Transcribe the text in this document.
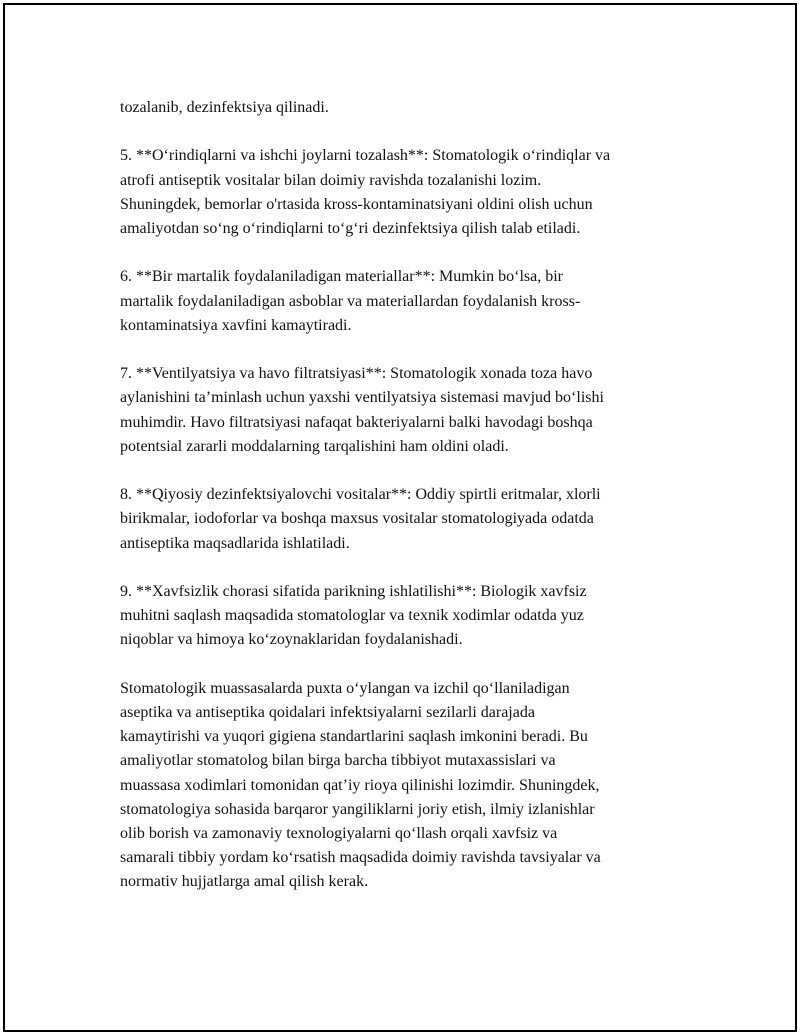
tozalanib, dezinfektsiya qilinadi.

5. **O‘rindiqlarni va ishchi joylarni tozalash**: Stomatologik o‘rindiqlar va
atrofi antiseptik vositalar bilan doimiy ravishda tozalanishi lozim.
Shuningdek, bemorlar o'rtasida kross-kontaminatsiyani oldini olish uchun
amaliyotdan so‘ng o‘rindiqlarni to‘g‘ri dezinfektsiya qilish talab etiladi.

6. **Bir martalik foydalaniladigan materiallar**: Mumkin bo‘lsa, bir
martalik foydalaniladigan asboblar va materiallardan foydalanish kross-
kontaminatsiya xavfini kamaytiradi.

7. **Ventilyatsiya va havo filtratsiyasi**: Stomatologik xonada toza havo
aylanishini ta’minlash uchun yaxshi ventilyatsiya sistemasi mavjud bo‘lishi
muhimdir. Havo filtratsiyasi nafaqat bakteriyalarni balki havodagi boshqa
potentsial zararli moddalarning tarqalishini ham oldini oladi.

8. **Qiyosiy dezinfektsiyalovchi vositalar**: Oddiy spirtli eritmalar, xlorli
birikmalar, iodoforlar va boshqa maxsus vositalar stomatologiyada odatda
antiseptika maqsadlarida ishlatiladi.

9. **Xavfsizlik chorasi sifatida parikning ishlatilishi**: Biologik xavfsiz
muhitni saqlash maqsadida stomatologlar va texnik xodimlar odatda yuz
niqoblar va himoya ko‘zoynaklaridan foydalanishadi.

Stomatologik muassasalarda puxta o‘ylangan va izchil qo‘llaniladigan
aseptika va antiseptika qoidalari infektsiyalarni sezilarli darajada
kamaytirishi va yuqori gigiena standartlarini saqlash imkonini beradi. Bu
amaliyotlar stomatolog bilan birga barcha tibbiyot mutaxassislari va
muassasa xodimlari tomonidan qat’iy rioya qilinishi lozimdir. Shuningdek,
stomatologiya sohasida barqaror yangiliklarni joriy etish, ilmiy izlanishlar
olib borish va zamonaviy texnologiyalarni qo‘llash orqali xavfsiz va
samarali tibbiy yordam ko‘rsatish maqsadida doimiy ravishda tavsiyalar va
normativ hujjatlarga amal qilish kerak.
